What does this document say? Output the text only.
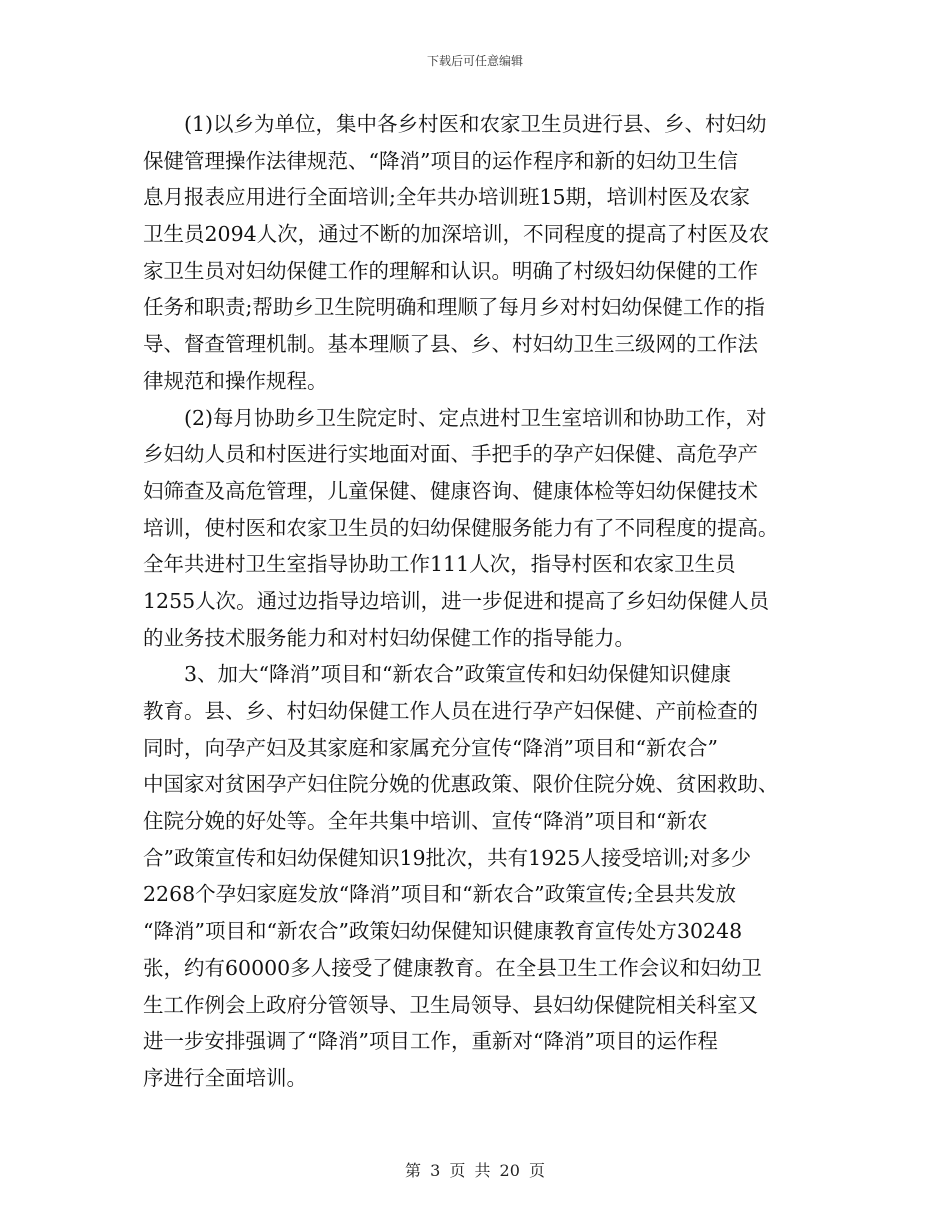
下载后可任意编辑
　　(1)以乡为单位，集中各乡村医和农家卫生员进行县、乡、村妇幼
保健管理操作法律规范、“降消”项目的运作程序和新的妇幼卫生信
息月报表应用进行全面培训;全年共办培训班15期，培训村医及农家
卫生员2094人次，通过不断的加深培训，不同程度的提高了村医及农
家卫生员对妇幼保健工作的理解和认识。明确了村级妇幼保健的工作
任务和职责;帮助乡卫生院明确和理顺了每月乡对村妇幼保健工作的指
导、督查管理机制。基本理顺了县、乡、村妇幼卫生三级网的工作法
律规范和操作规程。
　　(2)每月协助乡卫生院定时、定点进村卫生室培训和协助工作，对
乡妇幼人员和村医进行实地面对面、手把手的孕产妇保健、高危孕产
妇筛查及高危管理，儿童保健、健康咨询、健康体检等妇幼保健技术
培训，使村医和农家卫生员的妇幼保健服务能力有了不同程度的提高。
全年共进村卫生室指导协助工作111人次，指导村医和农家卫生员
1255人次。通过边指导边培训，进一步促进和提高了乡妇幼保健人员
的业务技术服务能力和对村妇幼保健工作的指导能力。
　　3、加大“降消”项目和“新农合”政策宣传和妇幼保健知识健康
教育。县、乡、村妇幼保健工作人员在进行孕产妇保健、产前检查的
同时，向孕产妇及其家庭和家属充分宣传“降消”项目和“新农合”
中国家对贫困孕产妇住院分娩的优惠政策、限价住院分娩、贫困救助、
住院分娩的好处等。全年共集中培训、宣传“降消”项目和“新农
合”政策宣传和妇幼保健知识19批次，共有1925人接受培训;对多少
2268个孕妇家庭发放“降消”项目和“新农合”政策宣传;全县共发放
“降消”项目和“新农合”政策妇幼保健知识健康教育宣传处方30248
张，约有60000多人接受了健康教育。在全县卫生工作会议和妇幼卫
生工作例会上政府分管领导、卫生局领导、县妇幼保健院相关科室又
进一步安排强调了“降消”项目工作，重新对“降消”项目的运作程
序进行全面培训。
第 3 页 共 20 页
